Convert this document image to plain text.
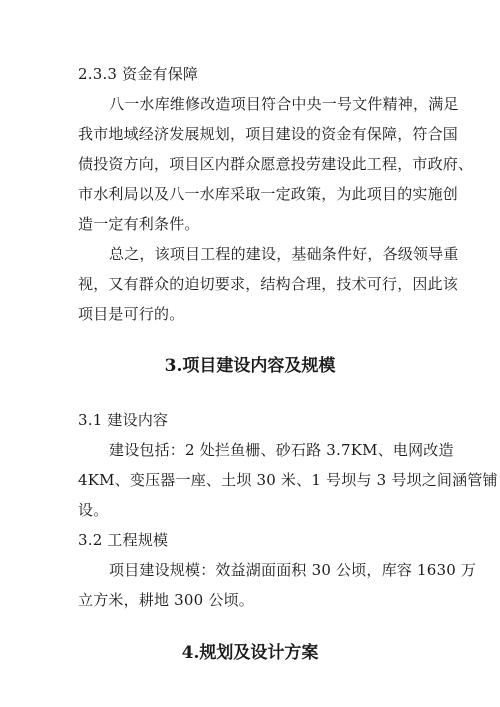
2.3.3 资金有保障
八一水库维修改造项目符合中央一号文件精神，满足
我市地域经济发展规划，项目建设的资金有保障，符合国
债投资方向，项目区内群众愿意投劳建设此工程，市政府、
市水利局以及八一水库采取一定政策，为此项目的实施创
造一定有利条件。
总之，该项目工程的建设，基础条件好，各级领导重
视，又有群众的迫切要求，结构合理，技术可行，因此该
项目是可行的。
3.项目建设内容及规模
3.1 建设内容
建设包括：2 处拦鱼栅、砂石路 3.7KM、电网改造
4KM、变压器一座、土坝 30 米、1 号坝与 3 号坝之间涵管铺
设。
3.2 工程规模
项目建设规模：效益湖面面积 30 公顷，库容 1630 万
立方米，耕地 300 公顷。
4.规划及设计方案
